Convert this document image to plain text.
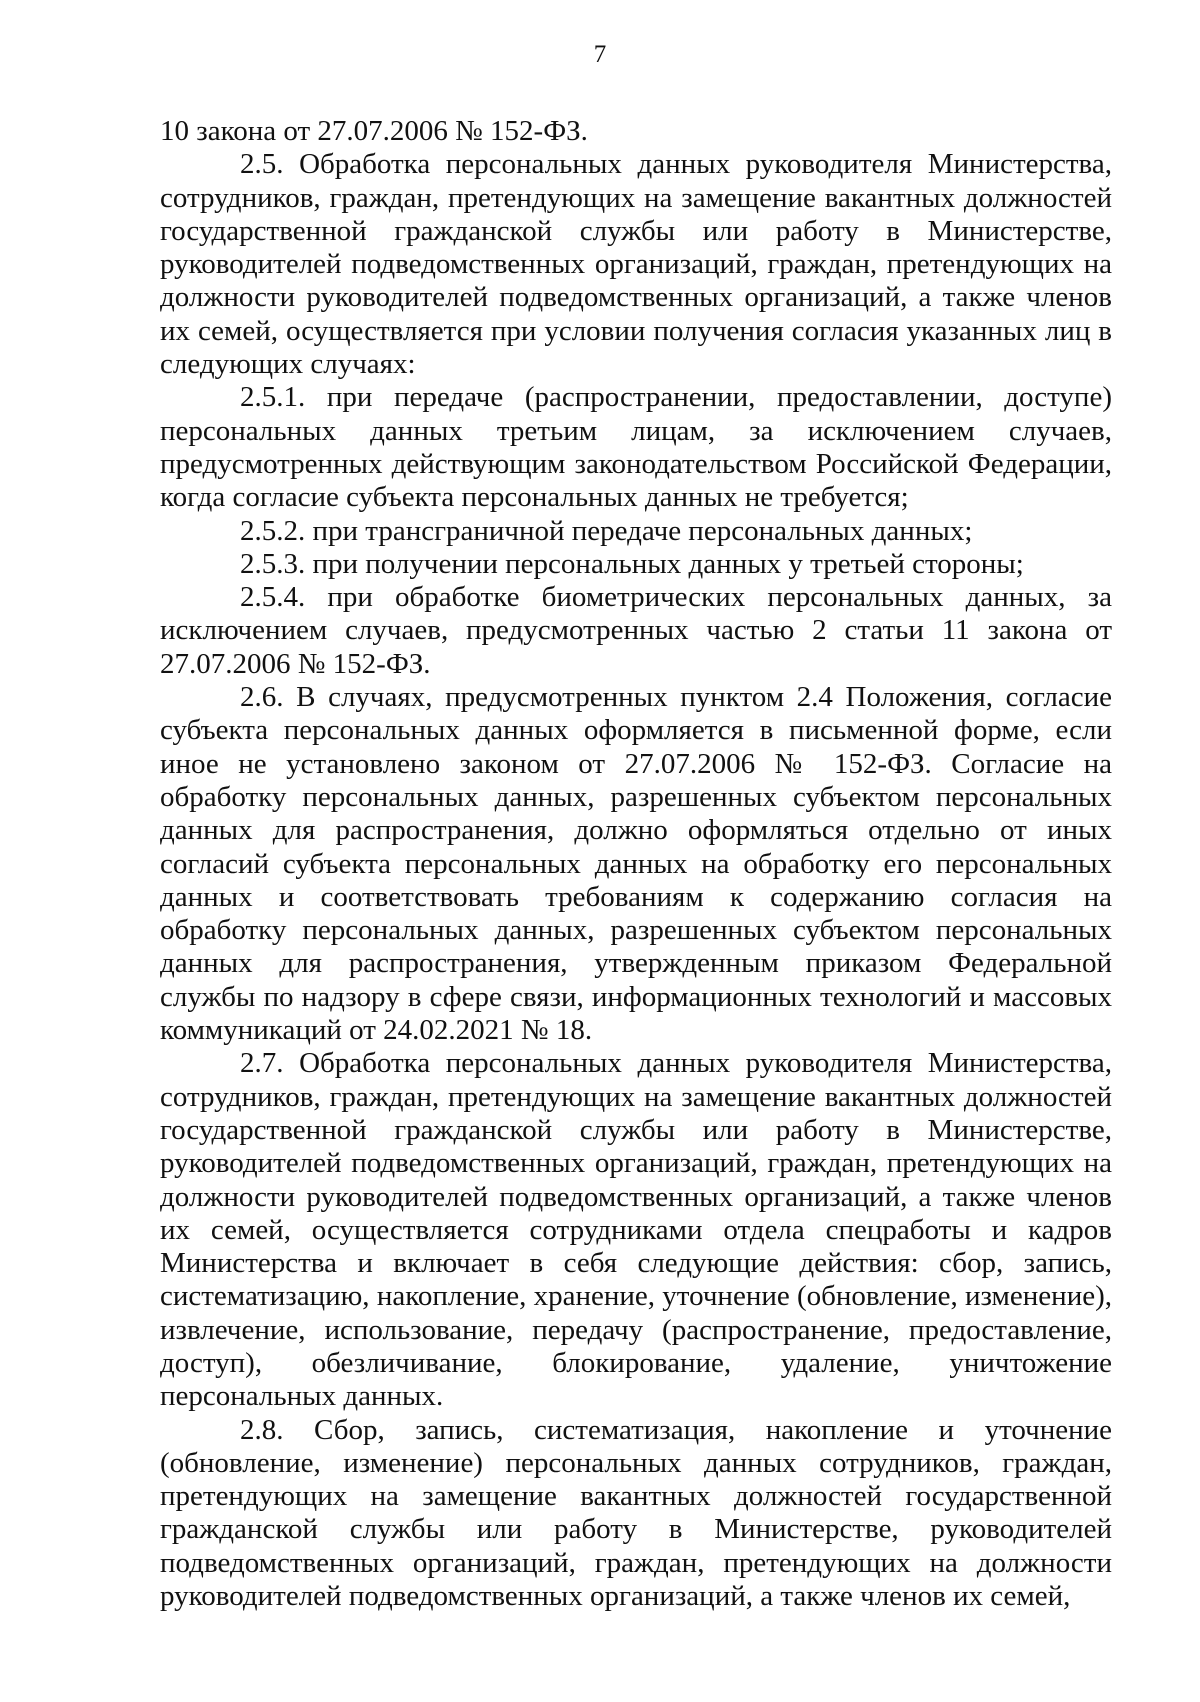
7

10 закона от 27.07.2006 № 152-ФЗ.

2.5. Обработка персональных данных руководителя Министерства, сотрудников, граждан, претендующих на замещение вакантных должностей государственной гражданской службы или работу в Министерстве, руководителей подведомственных организаций, граждан, претендующих на должности руководителей подведомственных организаций, а также членов их семей, осуществляется при условии получения согласия указанных лиц в следующих случаях:

2.5.1. при передаче (распространении, предоставлении, доступе) персональных данных третьим лицам, за исключением случаев, предусмотренных действующим законодательством Российской Федерации, когда согласие субъекта персональных данных не требуется;

2.5.2. при трансграничной передаче персональных данных;

2.5.3. при получении персональных данных у третьей стороны;

2.5.4. при обработке биометрических персональных данных, за исключением случаев, предусмотренных частью 2 статьи 11 закона от 27.07.2006 № 152-ФЗ.

2.6. В случаях, предусмотренных пунктом 2.4 Положения, согласие субъекта персональных данных оформляется в письменной форме, если иное не установлено законом от 27.07.2006 № 152-ФЗ. Согласие на обработку персональных данных, разрешенных субъектом персональных данных для распространения, должно оформляться отдельно от иных согласий субъекта персональных данных на обработку его персональных данных и соответствовать требованиям к содержанию согласия на обработку персональных данных, разрешенных субъектом персональных данных для распространения, утвержденным приказом Федеральной службы по надзору в сфере связи, информационных технологий и массовых коммуникаций от 24.02.2021 № 18.

2.7. Обработка персональных данных руководителя Министерства, сотрудников, граждан, претендующих на замещение вакантных должностей государственной гражданской службы или работу в Министерстве, руководителей подведомственных организаций, граждан, претендующих на должности руководителей подведомственных организаций, а также членов их семей, осуществляется сотрудниками отдела спецработы и кадров Министерства и включает в себя следующие действия: сбор, запись, систематизацию, накопление, хранение, уточнение (обновление, изменение), извлечение, использование, передачу (распространение, предоставление, доступ), обезличивание, блокирование, удаление, уничтожение персональных данных.

2.8. Сбор, запись, систематизация, накопление и уточнение (обновление, изменение) персональных данных сотрудников, граждан, претендующих на замещение вакантных должностей государственной гражданской службы или работу в Министерстве, руководителей подведомственных организаций, граждан, претендующих на должности руководителей подведомственных организаций, а также членов их семей,
